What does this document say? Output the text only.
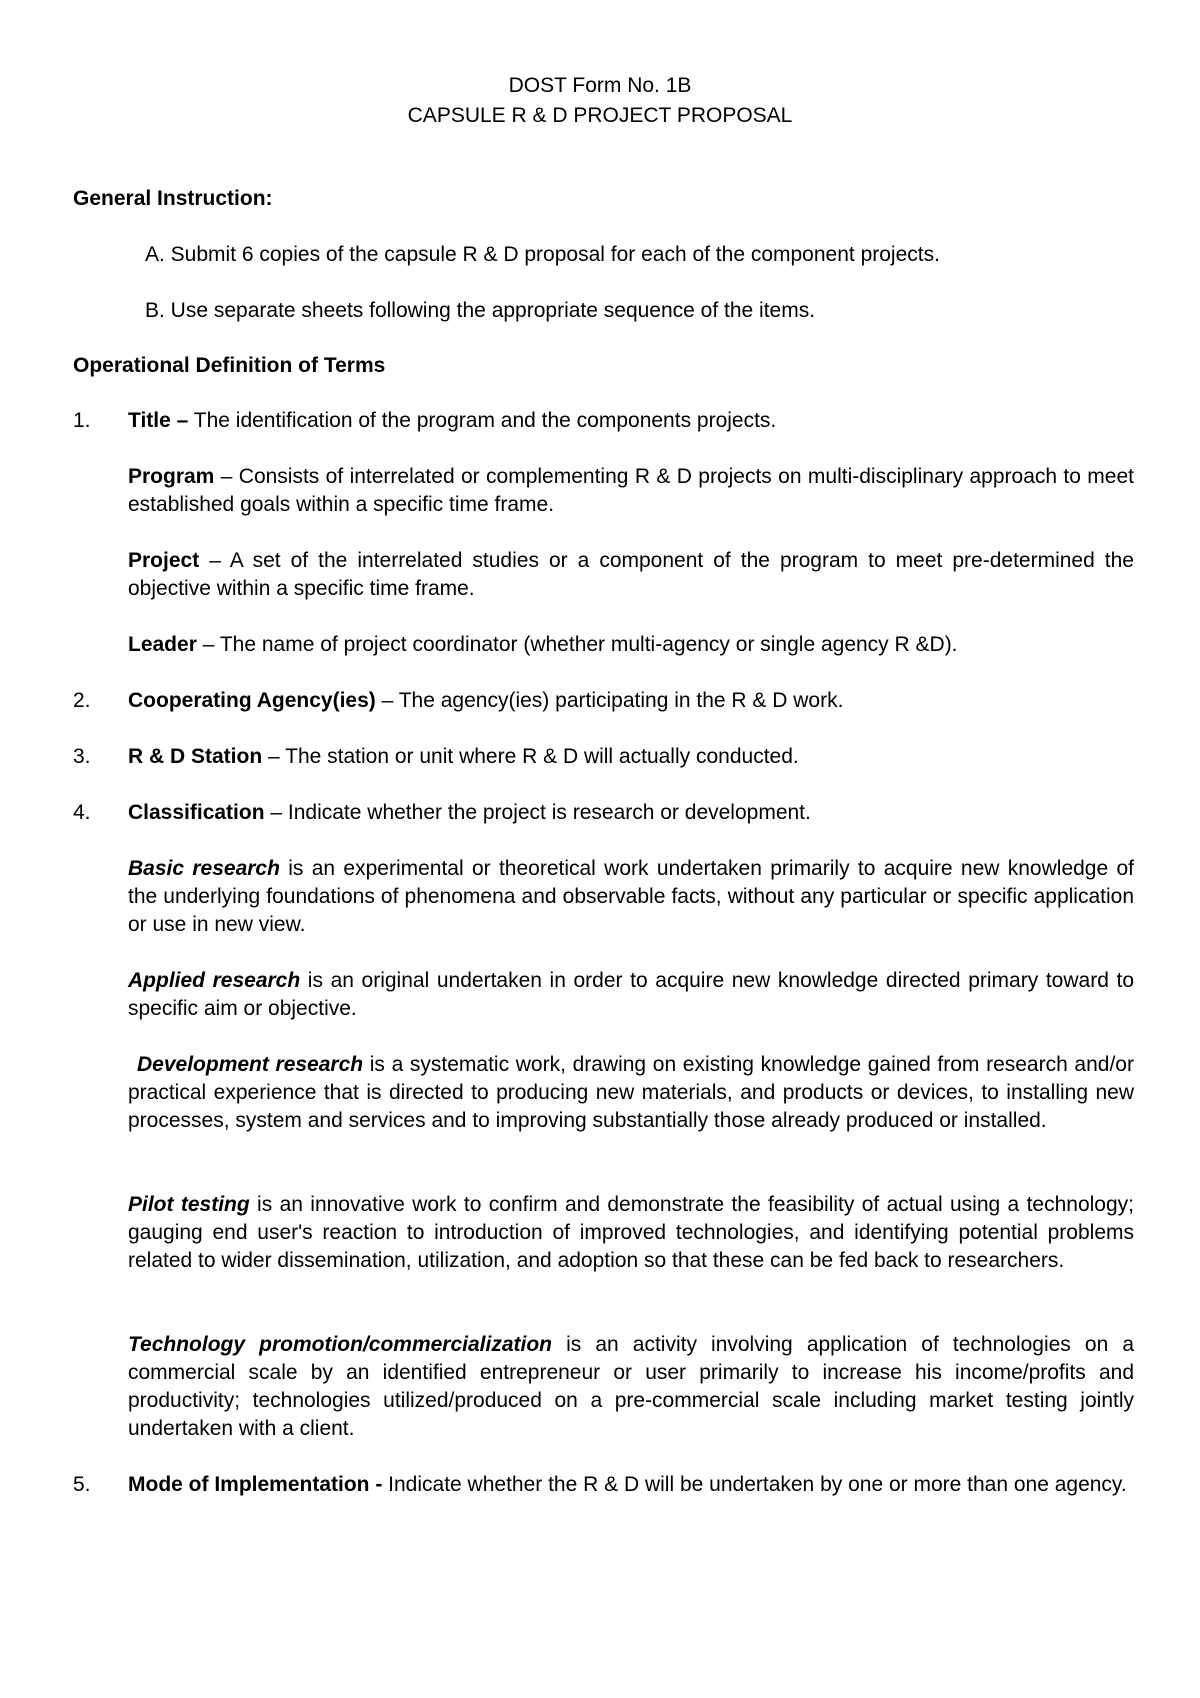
DOST Form No. 1B
CAPSULE R & D PROJECT PROPOSAL
General Instruction:
A. Submit 6 copies of the capsule R & D proposal for each of the component projects.
B. Use separate sheets following the appropriate sequence of the items.
Operational Definition of Terms
1. Title – The identification of the program and the components projects.
Program – Consists of interrelated or complementing R & D projects on multi-disciplinary approach to meet established goals within a specific time frame.
Project – A set of the interrelated studies or a component of the program to meet pre-determined the objective within a specific time frame.
Leader – The name of project coordinator (whether multi-agency or single agency R &D).
2. Cooperating Agency(ies) – The agency(ies) participating in the R & D work.
3. R & D Station – The station or unit where R & D will actually conducted.
4. Classification – Indicate whether the project is research or development.
Basic research is an experimental or theoretical work undertaken primarily to acquire new knowledge of the underlying foundations of phenomena and observable facts, without any particular or specific application or use in new view.
Applied research is an original undertaken in order to acquire new knowledge directed primary toward to specific aim or objective.
Development research is a systematic work, drawing on existing knowledge gained from research and/or practical experience that is directed to producing new materials, and products or devices, to installing new processes, system and services and to improving substantially those already produced or installed.
Pilot testing is an innovative work to confirm and demonstrate the feasibility of actual using a technology; gauging end user's reaction to introduction of improved technologies, and identifying potential problems related to wider dissemination, utilization, and adoption so that these can be fed back to researchers.
Technology promotion/commercialization is an activity involving application of technologies on a commercial scale by an identified entrepreneur or user primarily to increase his income/profits and productivity; technologies utilized/produced on a pre-commercial scale including market testing jointly undertaken with a client.
5. Mode of Implementation - Indicate whether the R & D will be undertaken by one or more than one agency.
